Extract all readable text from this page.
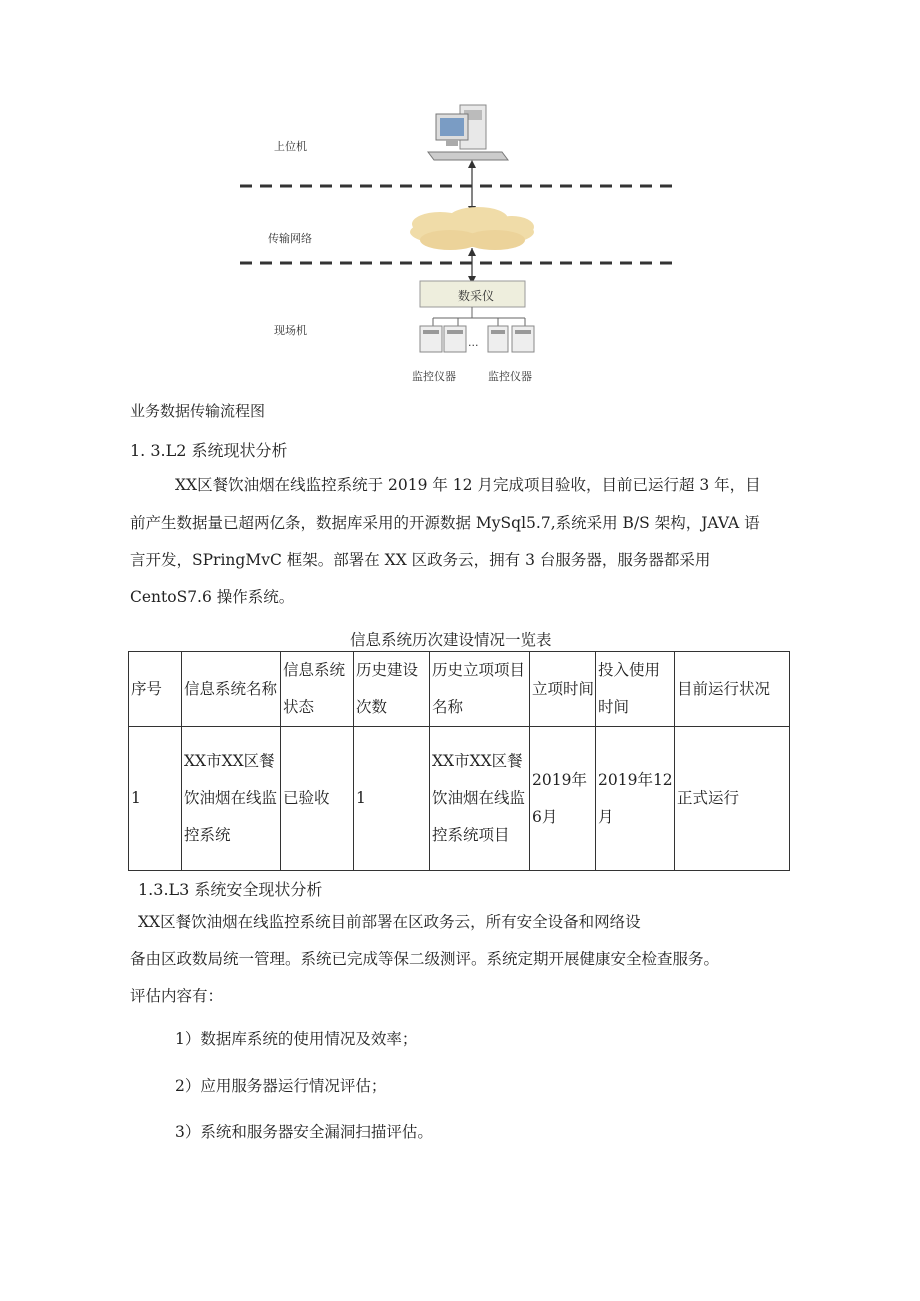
上位机
传输网络
现场机
数采仪
...
监控仪器	监控仪器
业务数据传输流程图
1. 3.L2 系统现状分析
XX区餐饮油烟在线监控系统于 2019 年 12 月完成项目验收，目前已运行超 3 年，目
前产生数据量已超两亿条，数据库采用的开源数据 MySql5.7,系统采用 B/S 架构，JAVA 语
言开发，SPringMvC 框架。部署在 XX 区政务云，拥有 3 台服务器，服务器都采用
CentoS7.6 操作系统。
信息系统历次建设情况一览表
序号	信息系统名称	信息系统状态	历史建设次数	历史立项项目名称	立项时间	投入使用时间	目前运行状况
1	XX市XX区餐饮油烟在线监控系统	已验收	1	XX市XX区餐饮油烟在线监控系统项目	2019年6月	2019年12月	正式运行
1.3.L3 系统安全现状分析
XX区餐饮油烟在线监控系统目前部署在区政务云，所有安全设备和网络设
备由区政数局统一管理。系统已完成等保二级测评。系统定期开展健康安全检查服务。
评估内容有：
1）数据库系统的使用情况及效率；
2）应用服务器运行情况评估；
3）系统和服务器安全漏洞扫描评估。
